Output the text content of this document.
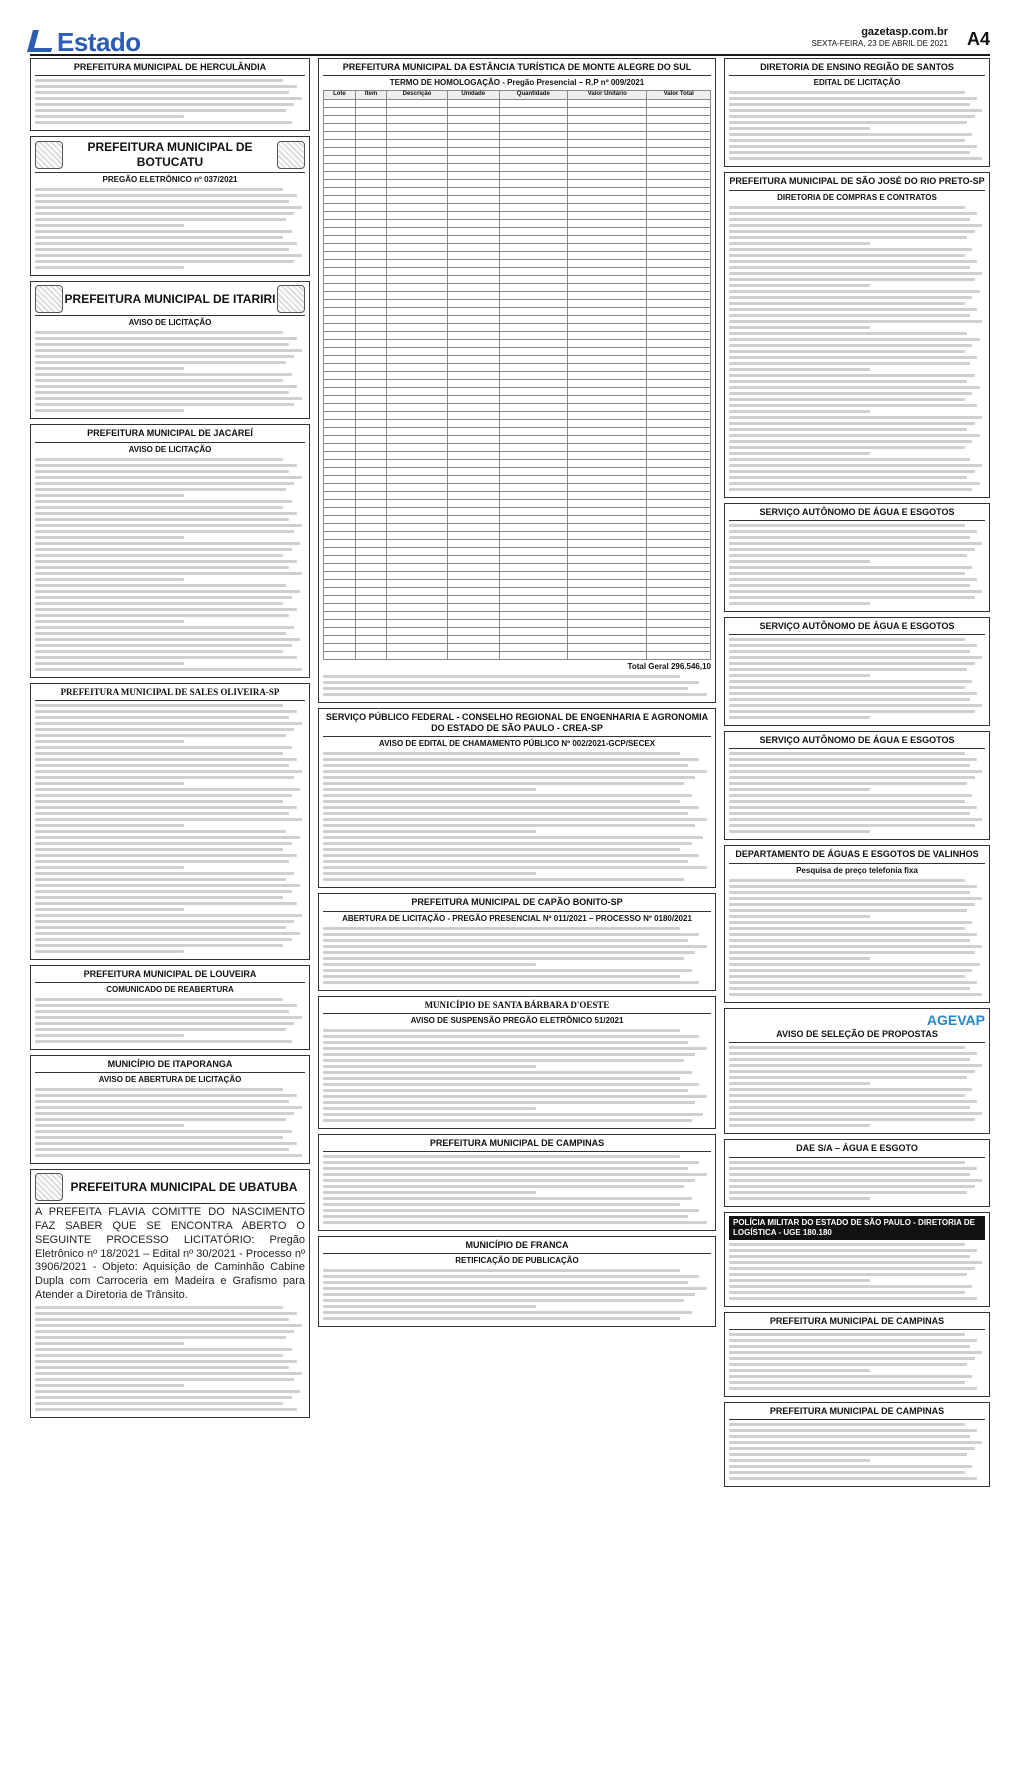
Estado	gazetasp.com.br
SEXTA-FEIRA, 23 DE ABRIL DE 2021 A4
PREFEITURA MUNICIPAL DE HERCULÂNDIA
PREFEITURA MUNICIPAL DE BOTUCATU
PREGÃO ELETRÔNICO nº 037/2021
PREFEITURA MUNICIPAL DE ITARIRI
AVISO DE LICITAÇÃO
PREFEITURA MUNICIPAL DE JACAREÍ
AVISO DE LICITAÇÃO
PREFEITURA MUNICIPAL DE SALES OLIVEIRA-SP
PREFEITURA MUNICIPAL DE LOUVEIRA
COMUNICADO DE REABERTURA
MUNICÍPIO DE ITAPORANGA
AVISO DE ABERTURA DE LICITAÇÃO
PREFEITURA MUNICIPAL DE UBATUBA
A PREFEITA FLAVIA COMITTE DO NASCIMENTO FAZ SABER QUE SE ENCONTRA ABERTO O SEGUINTE PROCESSO LICITATÓRIO: Pregão Eletrônico nº 18/2021 – Edital nº 30/2021 - Processo nº 3906/2021 - Objeto: Aquisição de Caminhão Cabine Dupla com Carroceria em Madeira e Grafismo para Atender a Diretoria de Trânsito.
PREFEITURA MUNICIPAL DA ESTÂNCIA TURÍSTICA DE MONTE ALEGRE DO SUL
TERMO DE HOMOLOGAÇÃO - Pregão Presencial – R.P nº 009/2021
Lote	Item	Descrição	Unidade	Quantidade	Valor Unitário	Valor Total

Total Geral 296.546,10
SERVIÇO PÚBLICO FEDERAL - CONSELHO REGIONAL DE ENGENHARIA E AGRONOMIA DO ESTADO DE SÃO PAULO - CREA-SP
AVISO DE EDITAL DE CHAMAMENTO PÚBLICO Nº 002/2021-GCP/SECEX
PREFEITURA MUNICIPAL DE CAPÃO BONITO-SP
ABERTURA DE LICITAÇÃO - PREGÃO PRESENCIAL Nº 011/2021 – PROCESSO Nº 0180/2021
MUNICÍPIO DE SANTA BÁRBARA D'OESTE
AVISO DE SUSPENSÃO PREGÃO ELETRÔNICO 51/2021
PREFEITURA MUNICIPAL DE CAMPINAS
MUNICÍPIO DE FRANCA
RETIFICAÇÃO DE PUBLICAÇÃO
DIRETORIA DE ENSINO REGIÃO DE SANTOS
EDITAL DE LICITAÇÃO
PREFEITURA MUNICIPAL DE SÃO JOSÉ DO RIO PRETO-SP
DIRETORIA DE COMPRAS E CONTRATOS
SERVIÇO AUTÔNOMO DE ÁGUA E ESGOTOS
SERVIÇO AUTÔNOMO DE ÁGUA E ESGOTOS
SERVIÇO AUTÔNOMO DE ÁGUA E ESGOTOS
DEPARTAMENTO DE ÁGUAS E ESGOTOS DE VALINHOS
Pesquisa de preço telefonia fixa
AGEVAP
AVISO DE SELEÇÃO DE PROPOSTAS
DAE S/A – ÁGUA E ESGOTO
POLÍCIA MILITAR DO ESTADO DE SÃO PAULO - DIRETORIA DE LOGÍSTICA - UGE 180.180
PREFEITURA MUNICIPAL DE CAMPINAS
PREFEITURA MUNICIPAL DE CAMPINAS
